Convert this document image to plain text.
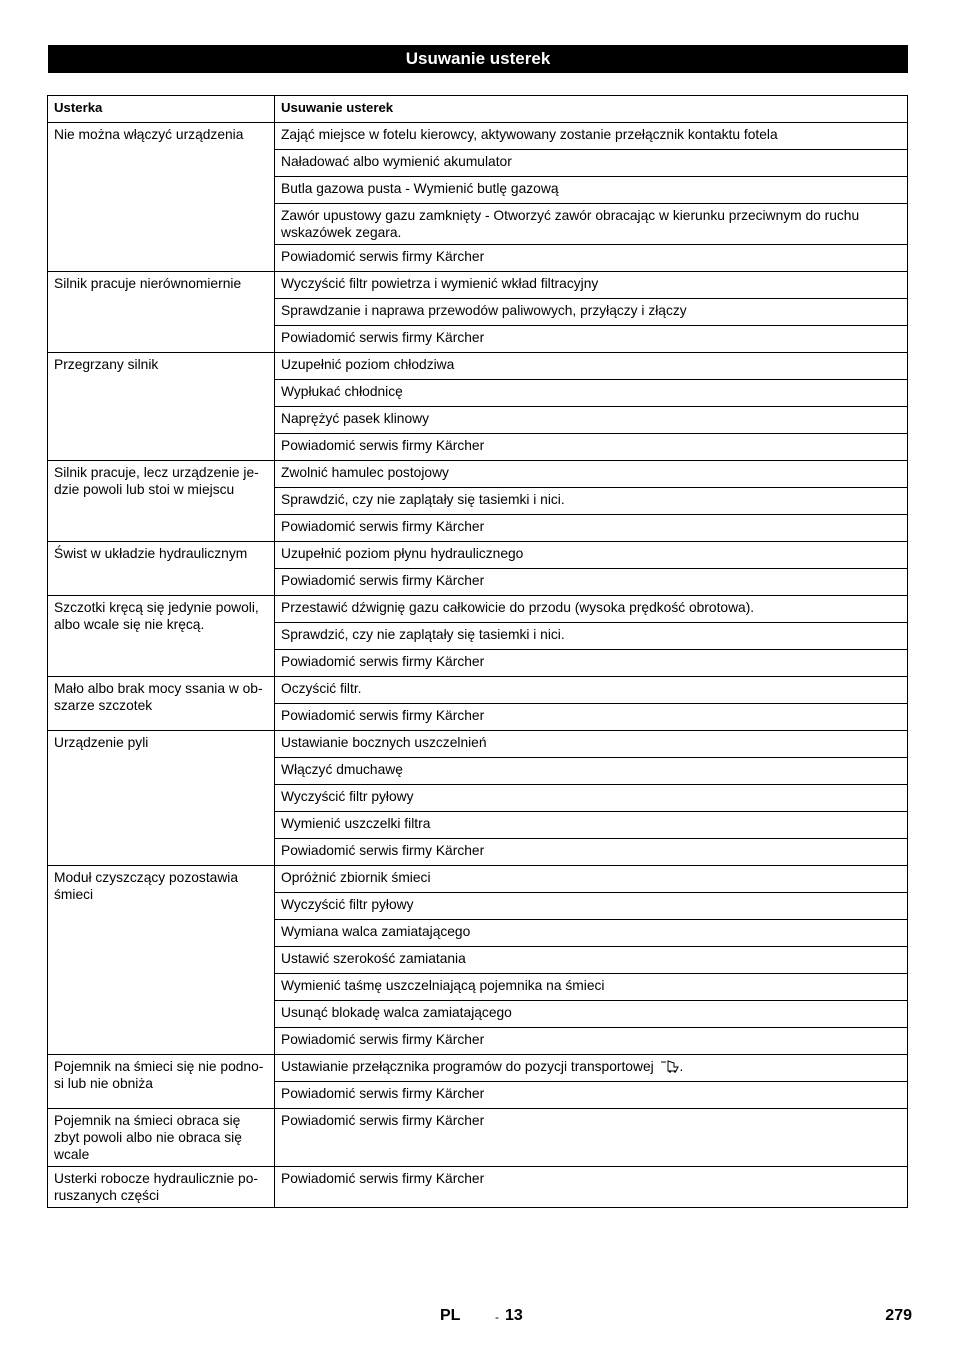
Usuwanie usterek
Usterka	Usuwanie usterek
Nie można włączyć urządzenia	Zająć miejsce w fotelu kierowcy, aktywowany zostanie przełącznik kontaktu fotela
	Naładować albo wymienić akumulator
	Butla gazowa pusta - Wymienić butlę gazową
	Zawór upustowy gazu zamknięty - Otworzyć zawór obracając w kierunku przeciwnym do ruchu wskazówek zegara.
	Powiadomić serwis firmy Kärcher
Silnik pracuje nierównomiernie	Wyczyścić filtr powietrza i wymienić wkład filtracyjny
	Sprawdzanie i naprawa przewodów paliwowych, przyłączy i złączy
	Powiadomić serwis firmy Kärcher
Przegrzany silnik	Uzupełnić poziom chłodziwa
	Wypłukać chłodnicę
	Naprężyć pasek klinowy
	Powiadomić serwis firmy Kärcher
Silnik pracuje, lecz urządzenie je-dzie powoli lub stoi w miejscu	Zwolnić hamulec postojowy
	Sprawdzić, czy nie zaplątały się tasiemki i nici.
	Powiadomić serwis firmy Kärcher
Świst w układzie hydraulicznym	Uzupełnić poziom płynu hydraulicznego
	Powiadomić serwis firmy Kärcher
Szczotki kręcą się jedynie powoli, albo wcale się nie kręcą.	Przestawić dźwignię gazu całkowicie do przodu (wysoka prędkość obrotowa).
	Sprawdzić, czy nie zaplątały się tasiemki i nici.
	Powiadomić serwis firmy Kärcher
Mało albo brak mocy ssania w ob-szarze szczotek	Oczyścić filtr.
	Powiadomić serwis firmy Kärcher
Urządzenie pyli	Ustawianie bocznych uszczelnień
	Włączyć dmuchawę
	Wyczyścić filtr pyłowy
	Wymienić uszczelki filtra
	Powiadomić serwis firmy Kärcher
Moduł czyszczący pozostawia śmieci	Opróżnić zbiornik śmieci
	Wyczyścić filtr pyłowy
	Wymiana walca zamiatającego
	Ustawić szerokość zamiatania
	Wymienić taśmę uszczelniającą pojemnika na śmieci
	Usunąć blokadę walca zamiatającego
	Powiadomić serwis firmy Kärcher
Pojemnik na śmieci się nie podno-si lub nie obniża	Ustawianie przełącznika programów do pozycji transportowej .
	Powiadomić serwis firmy Kärcher
Pojemnik na śmieci obraca się zbyt powoli albo nie obraca się wcale	Powiadomić serwis firmy Kärcher
Usterki robocze hydraulicznie po-ruszanych części	Powiadomić serwis firmy Kärcher
PL	- 13	279
